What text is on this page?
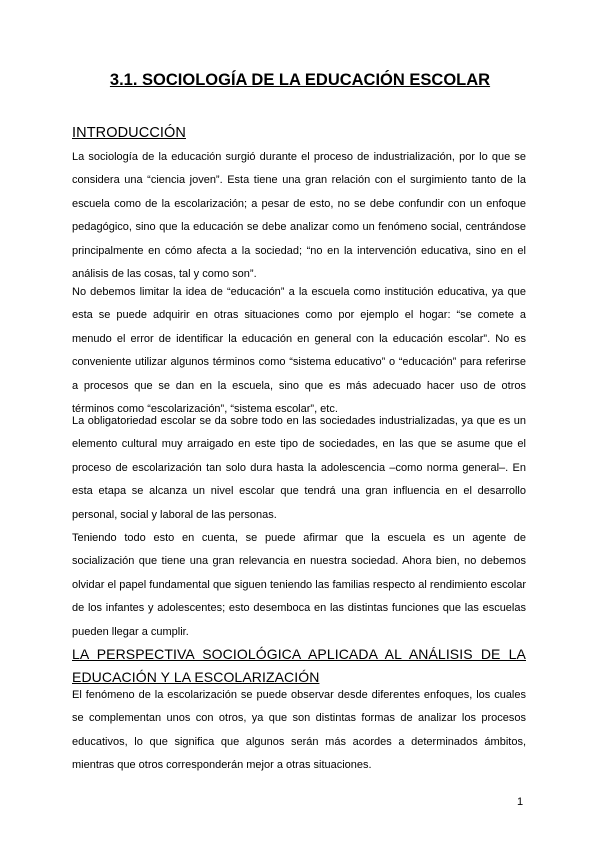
3.1. SOCIOLOGÍA DE LA EDUCACIÓN ESCOLAR
INTRODUCCIÓN

La sociología de la educación surgió durante el proceso de industrialización, por lo que se considera una “ciencia joven”. Esta tiene una gran relación con el surgimiento tanto de la escuela como de la escolarización; a pesar de esto, no se debe confundir con un enfoque pedagógico, sino que la educación se debe analizar como un fenómeno social, centrándose principalmente en cómo afecta a la sociedad; “no en la intervención educativa, sino en el análisis de las cosas, tal y como son”.

No debemos limitar la idea de “educación” a la escuela como institución educativa, ya que esta se puede adquirir en otras situaciones como por ejemplo el hogar: “se comete a menudo el error de identificar la educación en general con la educación escolar”. No es conveniente utilizar algunos términos como “sistema educativo” o “educación” para referirse a procesos que se dan en la escuela, sino que es más adecuado hacer uso de otros términos como “escolarización”, “sistema escolar”, etc.

La obligatoriedad escolar se da sobre todo en las sociedades industrializadas, ya que es un elemento cultural muy arraigado en este tipo de sociedades, en las que se asume que el proceso de escolarización tan solo dura hasta la adolescencia –como norma general–. En esta etapa se alcanza un nivel escolar que tendrá una gran influencia en el desarrollo personal, social y laboral de las personas.

Teniendo todo esto en cuenta, se puede afirmar que la escuela es un agente de socialización que tiene una gran relevancia en nuestra sociedad. Ahora bien, no debemos olvidar el papel fundamental que siguen teniendo las familias respecto al rendimiento escolar de los infantes y adolescentes; esto desemboca en las distintas funciones que las escuelas pueden llegar a cumplir.

LA PERSPECTIVA SOCIOLÓGICA APLICADA AL ANÁLISIS DE LA EDUCACIÓN Y LA ESCOLARIZACIÓN

El fenómeno de la escolarización se puede observar desde diferentes enfoques, los cuales se complementan unos con otros, ya que son distintas formas de analizar los procesos educativos, lo que significa que algunos serán más acordes a determinados ámbitos, mientras que otros corresponderán mejor a otras situaciones.

1
